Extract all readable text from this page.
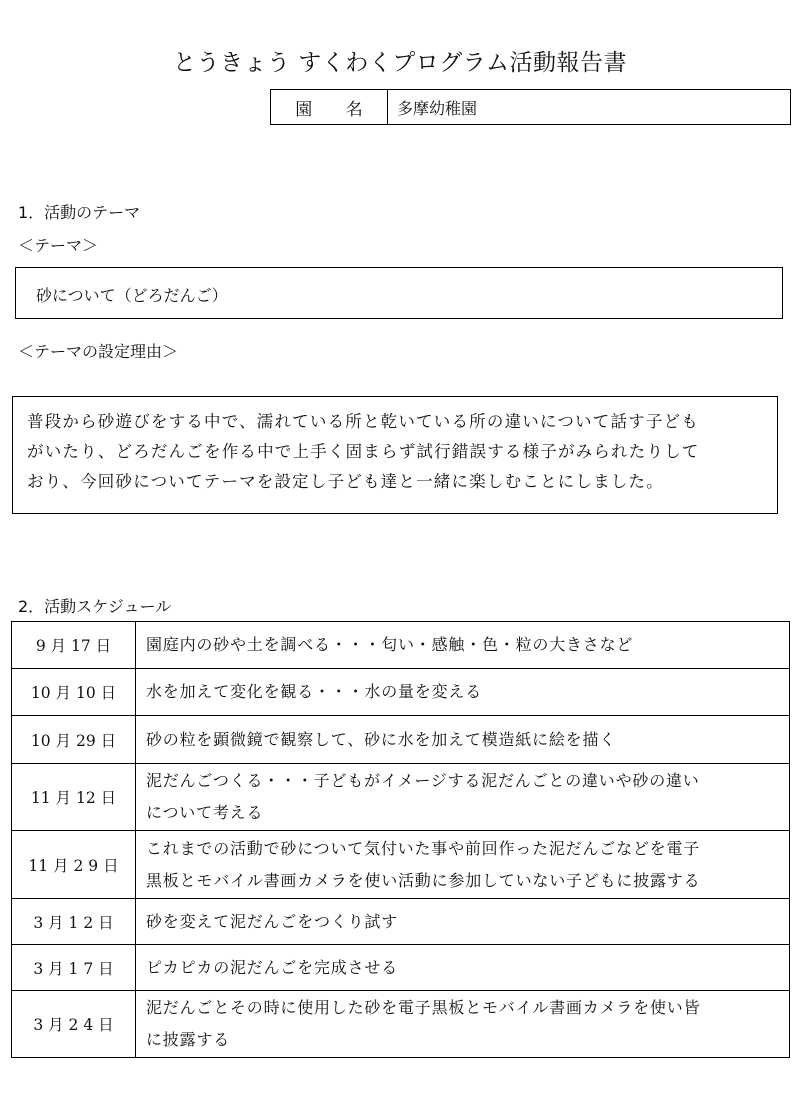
とうきょう すくわくプログラム活動報告書
園 名	多摩幼稚園
1．活動のテーマ
＜テーマ＞
砂について（どろだんご）
＜テーマの設定理由＞

普段から砂遊びをする中で、濡れている所と乾いている所の違いについて話す子ども

がいたり、どろだんごを作る中で上手く固まらず試行錯誤する様子がみられたりして

おり、今回砂についてテーマを設定し子ども達と一緒に楽しむことにしました。

2．活動スケジュール
9 月 17 日	園庭内の砂や土を調べる・・・匂い・感触・色・粒の大きさなど

10 月 10 日	水を加えて変化を観る・・・水の量を変える

10 月 29 日	砂の粒を顕微鏡で観察して、砂に水を加えて模造紙に絵を描く

11 月 12 日	泥だんごつくる・・・子どもがイメージする泥だんごとの違いや砂の違い
について考える

11 月 2 9 日	これまでの活動で砂について気付いた事や前回作った泥だんごなどを電子
黒板とモバイル書画カメラを使い活動に参加していない子どもに披露する

3 月 1 2 日	砂を変えて泥だんごをつくり試す

3 月 1 7 日	ピカピカの泥だんごを完成させる

3 月 2 4 日	泥だんごとその時に使用した砂を電子黒板とモバイル書画カメラを使い皆
に披露する
